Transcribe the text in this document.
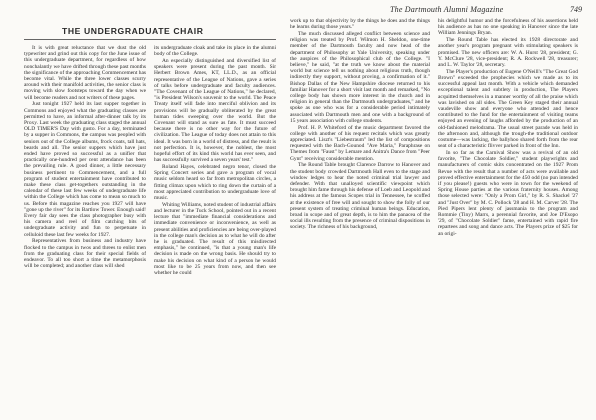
The Dartmouth Alumni Magazine	749
THE UNDERGRADUATE CHAIR

It is with great reluctance that we dust the old typewriter and grind out this copy for the June issue of this undergraduate department, for regardless of how nonchalantly we have drifted through these past months the significance of the approaching Commencement has become vital. While the three lower classes scurry around with their manifold activities, the senior class is moving with slow footsteps toward the day when we will become readers and not writers of these pages.

Just tonight 1927 held its last supper together in Commons and enjoyed what the graduating classes are permitted to have, an informal after-dinner talk by its Proxy. Last week the graduating class staged the annual OLD TIMER'S Day with gusto. For a day, terminated by a supper in Commons, the campus was peopled with seniors out of the College albums, frock coats, tall hats, beards and all. The senior suppers which have just ended have proved so successful as a unifier that practically one-hundred per cent attendance has been the prevailing rule. A good dinner, a little necessary business pertinent to Commencement, and a full program of student entertainment have contributed to make these class get-togethers outstanding in the calendar of these last few weeks of undergraduate life within the College which has come to mean so much to us. Before this magazine reaches you 1927 will have "gone up the river" for its Bartlow Tower. Enough said! Every fair day sees the class photographer busy with his camera and reel of film catching bits of undergraduate activity and fun to perpetuate in celluloid these last few weeks for 1927.

Representatives from business and industry have flocked to the campus in twos and threes to enlist men from the graduating class for their special fields of endeavor. To all too short a time the metamorphosis will be completed; and another class will shed

its undergraduate cloak and take its place in the alumni body of the College.

An especially distinguished and diversified list of speakers were present during the past month. Sir Herbert Brown Ames, KT, LL.D., as an official representative of the League of Nations, gave a series of talks before undergraduate and faculty audiences. "The Covenant of the League of Nations," he declared, "is President Wilson's souvenir to the world. The Peace Treaty itself will fade into merciful oblivion and its provisions will be gradually obliterated by the great human tides sweeping over the world. But the Covenant will stand as sure as fate. It must succeed because there is no other way for the future of civilization. The League of today does not attain to this ideal. It was born in a world of distress, and the result is not perfection. It is, however, the noblest, the most hopeful effort of its kind this world has ever seen, and has successfully survived a seven years' test."

Roland Hayes, celebrated negro tenor, closed the Spring Concert series and gave a program of vocal music seldom heard so far from metropolitan circles, a fitting climax upon which to ring down the curtain of a most appreciated contribution to undergraduate love of music.

Whiting Williams, noted student of industrial affairs and lecturer in the Tuck School, pointed out in a recent lecture that "immediate financial considerations and immediate convenience or inconvenience, as well as present abilities and proficiencies are being over-played in the college man's decision as to what he will do after he is graduated. The result of this misdirected emphasis," he continued, "is that a young man's life decision is made on the wrong basis. He should try to make his decision on what kind of a person he would most like to be 25 years from now, and then see whether he could

work up to that objectivity by the things he does and the things he learns during those years."

The much discussed alleged conflict between science and religion was treated by Prof. Wilmon H. Sheldon, one-time member of the Dartmouth faculty and now head of the department of Philosophy at Yale University, speaking under the auspices of the Philosophical club of the College. "I believe," he said, "at the truth we know about the material world but science tell us nothing about religious truth, though indirectly they support, without proving, a confirmation of it." Bishop Dallas of the New Hampshire diocese returned to his familiar Hanover for a short visit last month and remarked, "No college body has shown more interest in the church and in religion in general than the Dartmouth undergraduates," and he spoke as one who was for a considerable period intimately associated with Dartmouth men and one with a background of 15 years association with college students.

Prof. H. P. Whiteford of the music department favored the college with another of his request recitals which was greatly appreciated. Liszt's "Liebestraum" led the list of compositions requested with the Bach-Gounod "Ave Maria," Paraphrase on Themes from "Faust" by Lemare and Anitra's Dance from "Peer Gynt" receiving considerable mention.

The Round Table brought Clarence Darrow to Hanover and the student body crowded Dartmouth Hall even to the stage and window ledges to hear the noted criminal trial lawyer and defender. With that unalloyed scientific viewpoint which brought him fame through his defense of Loeb and Leopold and his address at the famous Scopes trial in Tennessee, he scoffed at the existence of free will and sought to show the folly of our present system of treating criminal human beings. Education, broad in scope and of great depth, is to him the panacea of the social ills resulting from the presence of criminal dispositions in society. The richness of his background,

his delightful humor and the forcefulness of his assertions held his audience as has no one speaking in Hanover since the late William Jennings Bryan.

The Round Table has elected its 1928 directorate and another year's program pregnant with stimulating speakers is promised. The new officers are: W. A. Hurst '28, president; G. Y. McClure '28, vice-president; R. A. Rockwell '28, treasurer; and L. W. Taylor '28, secretary.

The Player's production of Eugene O'Neill's "The Great God Brown" exceeded the prophecies which we made as to its successful appeal last month. With a vehicle which demanded exceptional talent and subtlety in production, The Players acquitted themselves in a manner worthy of all the praise which was lavished on all sides. The Green Key staged their annual vaudeville show and everyone who attended and hence contributed to the fund for the entertainment of visiting teams enjoyed an evening of laughs afforded by the production of an old-fashioned melodrama. The usual street parade was held in the afternoon and, although the trough-the traditional outdoor costume—was lacking, the ballyhoo shared forth from the rear seat of a characteristic flivver parked in front of the Inn.

In so far as the Carnival Show was a revival of an old favorite, "The Chocolate Soldier," student playwrights and manufacturers of comic skits concentrated on the 1927 Prom Revue with the result that a number of acts were available and proved effective entertainment for the 450 odd (no pun intended if you please!) guests who were in town for the weekend of Spring House parties at the various fraternity houses. Among those selected were: "Only a Prom Girl," by R. S. Shackel '27 and "Just Over" by M. C. Pollock '28 and H. M. Carver '28. The Pied Pipers lent plenty of jassmania to the program and Rommie (Tiny) Marrs, a perennial favorite, and Joe D'Esopo '29, of "Chocolate Soldier" fame, entertained with rapid fire repartees and song and dance acts. The Players prize of $25 for an origi-
